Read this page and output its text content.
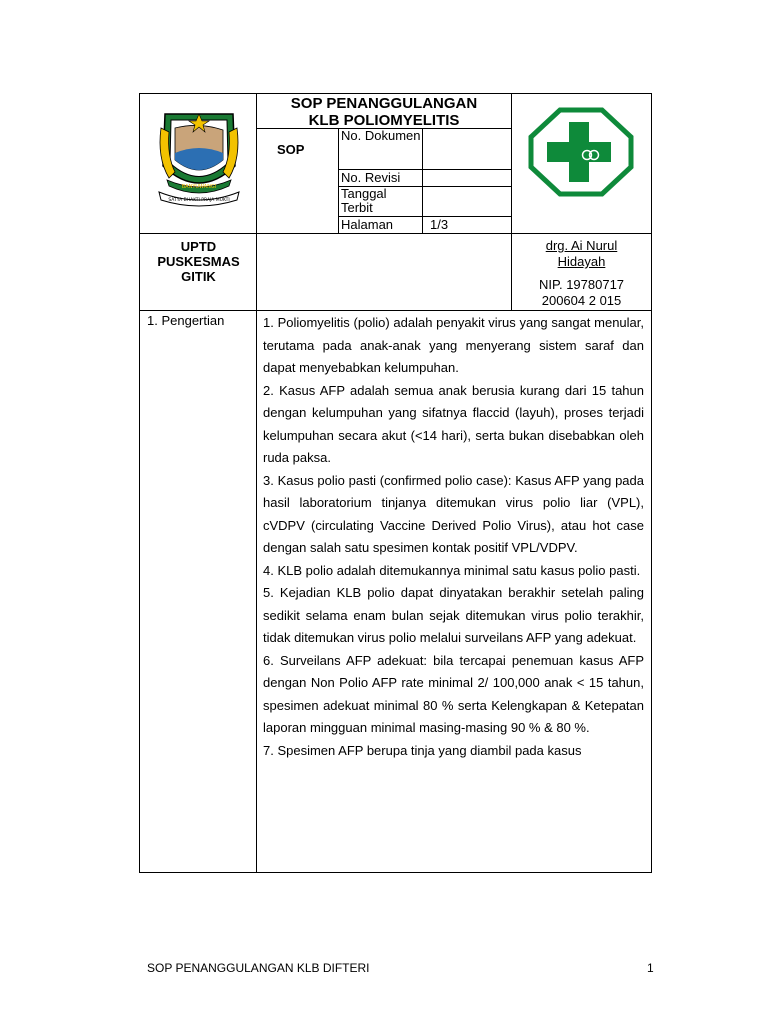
BANYUWANGI
SATYA BHAKTI PRAJA MUKTI
SOP PENANGGULANGAN
KLB POLIOMYELITIS
SOP
No. Dokumen
No. Revisi
Tanggal Terbit
Halaman	1/3
UPTD
PUSKESMAS
GITIK
drg. Ai Nurul
Hidayah
NIP. 19780717
200604 2 015
1. Pengertian	1. Poliomyelitis (polio) adalah penyakit virus yang sangat menular, terutama pada anak-anak yang menyerang sistem saraf dan dapat menyebabkan kelumpuhan.

2. Kasus AFP adalah semua anak berusia kurang dari 15 tahun dengan kelumpuhan yang sifatnya flaccid (layuh), proses terjadi kelumpuhan secara akut (<14 hari), serta bukan disebabkan oleh ruda paksa.

3. Kasus polio pasti (confirmed polio case): Kasus AFP yang pada hasil laboratorium tinjanya ditemukan virus polio liar (VPL), cVDPV (circulating Vaccine Derived Polio Virus), atau hot case dengan salah satu spesimen kontak positif VPL/VDPV.

4. KLB polio adalah ditemukannya minimal satu kasus polio pasti.

5. Kejadian KLB polio dapat dinyatakan berakhir setelah paling sedikit selama enam bulan sejak ditemukan virus polio terakhir, tidak ditemukan virus polio melalui surveilans AFP yang adekuat.

6. Surveilans AFP adekuat: bila tercapai penemuan kasus AFP dengan Non Polio AFP rate minimal 2/ 100,000 anak < 15 tahun, spesimen adekuat minimal 80 % serta Kelengkapan & Ketepatan laporan mingguan minimal masing-masing 90 % & 80 %.

7. Spesimen AFP berupa tinja yang diambil pada kasus

SOP PENANGGULANGAN KLB DIFTERI	1
